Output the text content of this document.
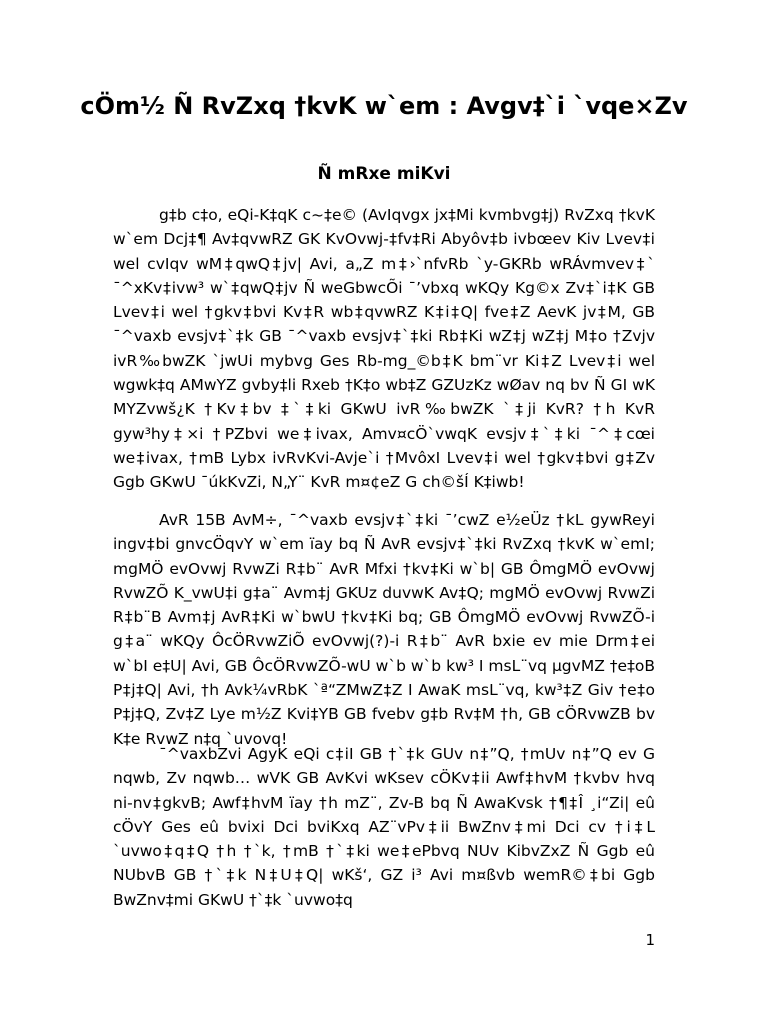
cÖm½ Ñ RvZxq †kvK w`em : Avgv‡`i `vqe×Zv
Ñ mRxe miKvi

g‡b c‡o, eQi-K‡qK c~‡e© (AvIqvgx jx‡Mi kvmbvg‡j) RvZxq †kvK w`em Dcj‡¶ Av‡qvwRZ GK KvOvwj-‡fv‡Ri Abyôv‡b ivbœev Kiv Lvev‡i wel cvIqv wM‡qwQ‡jv| Avi, a„Z m‡›`nfvRb `y-GKRb wRÁvmvev‡` ¯^xKv‡ivw³ w`‡qwQ‡jv Ñ weGbwcÕi ¯’vbxq wKQy Kg©x Zv‡`i‡K GB Lvev‡i wel †gkv‡bvi Kv‡R wb‡qvwRZ K‡i‡Q| fve‡Z AevK jv‡M, GB ¯^vaxb evsjv‡`‡k GB ¯^vaxb evsjv‡`‡ki Rb‡Ki wZ‡j wZ‡j M‡o †Zvjv ivR‰bwZK `jwUi mybvg Ges Rb-mg_©b‡K bm¨vr Ki‡Z Lvev‡i wel wgwk‡q AMwYZ gvby‡li Rxeb †K‡o wb‡Z GZUzKz wØav nq bv Ñ GI wK MYZvwš¿K †Kv‡bv ‡`‡ki GKwU ivR‰bwZK `‡ji KvR? †h KvR gyw³hy‡×i †PZbvi we‡ivax, Amv¤cÖ`vwqK evsjv‡`‡ki ¯^‡cœi we‡ivax, †mB Lybx ivRvKvi-Avje`i †MvôxI Lvev‡i wel †gkv‡bvi g‡Zv Ggb GKwU ¯úkKvZi, N„Y¨ KvR m¤¢eZ G ch©šÍ K‡iwb!

AvR 15B AvM÷, ¯^vaxb evsjv‡`‡ki ¯’cwZ e½eÜz †kL gywReyi ingv‡bi gnvcÖqvY w`em ïay bq Ñ AvR evsjv‡`‡ki RvZxq †kvK w`emI; mgMÖ evOvwj RvwZi R‡b¨ AvR Mfxi †kv‡Ki w`b| GB ÔmgMÖ evOvwj RvwZÕ K_vwU‡i g‡a¨ Avm‡j GKUz duvwK Av‡Q; mgMÖ evOvwj RvwZi R‡b¨B Avm‡j AvR‡Ki w`bwU †kv‡Ki bq; GB ÔmgMÖ evOvwj RvwZÕ-i g‡a¨ wKQy ÔcÖRvwZiÕ evOvwj(?)-i R‡b¨ AvR bxie ev mie Drm‡ei w`bI e‡U| Avi, GB ÔcÖRvwZÕ-wU w`b w`b kw³ I msL¨vq µgvMZ †e‡oB P‡j‡Q| Avi, †h Avk¼vRbK `ª“ZMwZ‡Z I AwaK msL¨vq, kw³‡Z Giv †e‡o P‡j‡Q, Zv‡Z Lye m½Z Kvi‡YB GB fvebv g‡b Rv‡M †h, GB cÖRvwZB bv K‡e RvwZ n‡q `uvovq!

¯^vaxbZvi AgyK eQi c‡iI GB †`‡k GUv n‡”Q, †mUv n‡”Q ev G nqwb, Zv nqwb… wVK GB AvKvi wKsev cÖKv‡ii Awf‡hvM †kvbv hvq ni-nv‡gkvB; Awf‡hvM ïay †h mZ¨, Zv-B bq Ñ AwaKvsk †¶‡Î ¸i“Zi| eû cÖvY Ges eû bvixi Dci bviKxq AZ¨vPv‡ii BwZnv‡mi Dci cv †i‡L `uvwo‡q‡Q †h †`k, †mB †`‡ki we‡ePbvq NUv KibvZxZ Ñ Ggb eû NUbvB GB †`‡k N‡U‡Q| wKš‘, GZ i³ Avi m¤ßvb wemR©‡bi Ggb BwZnv‡mi GKwU †`‡k `uvwo‡q

1
